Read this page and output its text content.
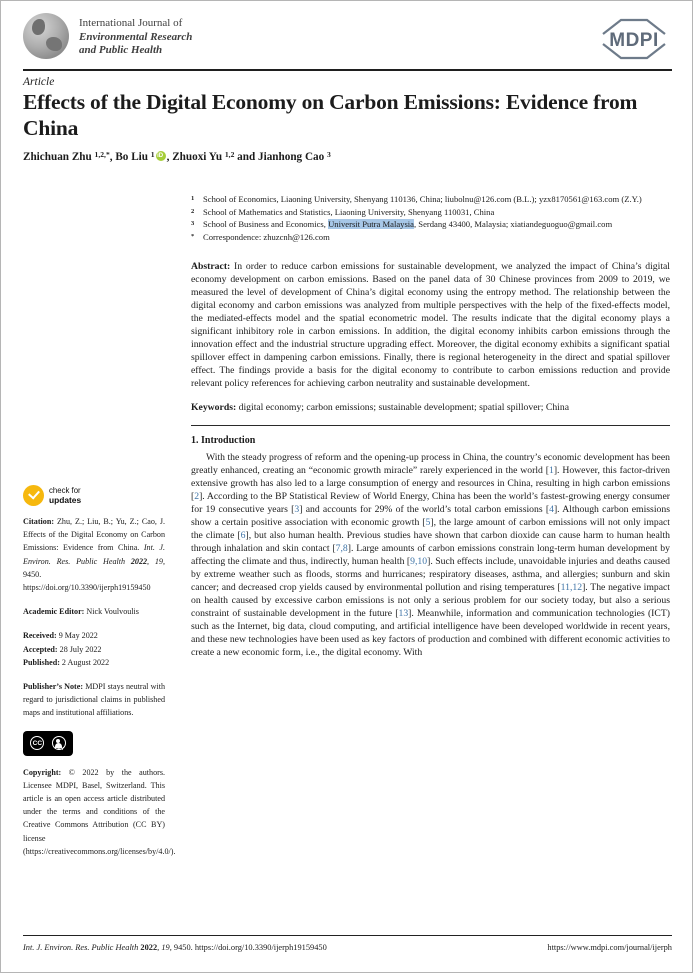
International Journal of
Environmental Research
and Public Health	MDPI
Article
Effects of the Digital Economy on Carbon Emissions: Evidence from China
Zhichuan Zhu $^{1,2,*}$, Bo Liu $^1$ iD , Zhuoxi Yu $^{1,2}$ and Jianhong Cao $^3$
1 School of Economics, Liaoning University, Shenyang 110136, China; liubolnu@126.com (B.L.); yzx8170561@163.com (Z.Y.)
2 School of Mathematics and Statistics, Liaoning University, Shenyang 110031, China
3 School of Business and Economics, Universit Putra Malaysia, Serdang 43400, Malaysia; xiatiandeguoguo@gmail.com
* Correspondence: zhuzcnh@126.com

Abstract: In order to reduce carbon emissions for sustainable development, we analyzed the impact of China’s digital economy development on carbon emissions. Based on the panel data of 30 Chinese provinces from 2009 to 2019, we measured the level of development of China’s digital economy using the entropy method. The relationship between the digital economy and carbon emissions was analyzed from multiple perspectives with the help of the fixed-effects model, the mediated-effects model and the spatial econometric model. The results indicate that the digital economy plays a significant inhibitory role in carbon emissions. In addition, the digital economy inhibits carbon emissions through the innovation effect and the industrial structure upgrading effect. Moreover, the digital economy exhibits a significant spatial spillover effect in dampening carbon emissions. Finally, there is regional heterogeneity in the direct and spatial spillover effect. The findings provide a basis for the digital economy to contribute to carbon emissions reduction and provide relevant policy references for achieving carbon neutrality and sustainable development.

Keywords: digital economy; carbon emissions; sustainable development; spatial spillover; China

1. Introduction

With the steady progress of reform and the opening-up process in China, the country’s economic development has been greatly enhanced, creating an “economic growth miracle” rarely experienced in the world [1]. However, this factor-driven extensive growth has also led to a large consumption of energy and resources in China, resulting in high carbon emissions [2]. According to the BP Statistical Review of World Energy, China has been the world’s fastest-growing energy consumer for 19 consecutive years [3] and accounts for 29% of the world’s total carbon emissions [4]. Although carbon emissions show a certain positive association with economic growth [5], the large amount of carbon emissions will not only impact the climate [6], but also human health. Previous studies have shown that carbon dioxide can cause harm to human health through inhalation and skin contact [7,8]. Large amounts of carbon emissions constrain long-term human development by affecting the climate and thus, indirectly, human health [9,10]. Such effects include, unavoidable injuries and deaths caused by extreme weather such as floods, storms and hurricanes; respiratory diseases, asthma, and allergies; sunburn and skin cancer; and decreased crop yields caused by environmental pollution and rising temperatures [11,12]. The negative impact on health caused by excessive carbon emissions is not only a serious problem for our society today, but also a serious constraint of sustainable development in the future [13]. Meanwhile, information and communication technologies (ICT) such as the Internet, big data, cloud computing, and artificial intelligence have been developed worldwide in recent years, and these new technologies have been used as key factors of production and combined with different economic activities to create a new economic form, i.e., the digital economy. With

check for
updates
Citation: Zhu, Z.; Liu, B.; Yu, Z.; Cao, J. Effects of the Digital Economy on Carbon Emissions: Evidence from China. Int. J. Environ. Res. Public Health 2022, 19, 9450. https://doi.org/10.3390/ijerph19159450
Academic Editor: Nick Voulvoulis
Received: 9 May 2022
Accepted: 28 July 2022
Published: 2 August 2022
Publisher’s Note: MDPI stays neutral with regard to jurisdictional claims in published maps and institutional affiliations.
CC
BY
Copyright: © 2022 by the authors. Licensee MDPI, Basel, Switzerland. This article is an open access article distributed under the terms and conditions of the Creative Commons Attribution (CC BY) license (https://creativecommons.org/licenses/by/4.0/).
Int. J. Environ. Res. Public Health 2022, 19, 9450. https://doi.org/10.3390/ijerph19159450	https://www.mdpi.com/journal/ijerph
